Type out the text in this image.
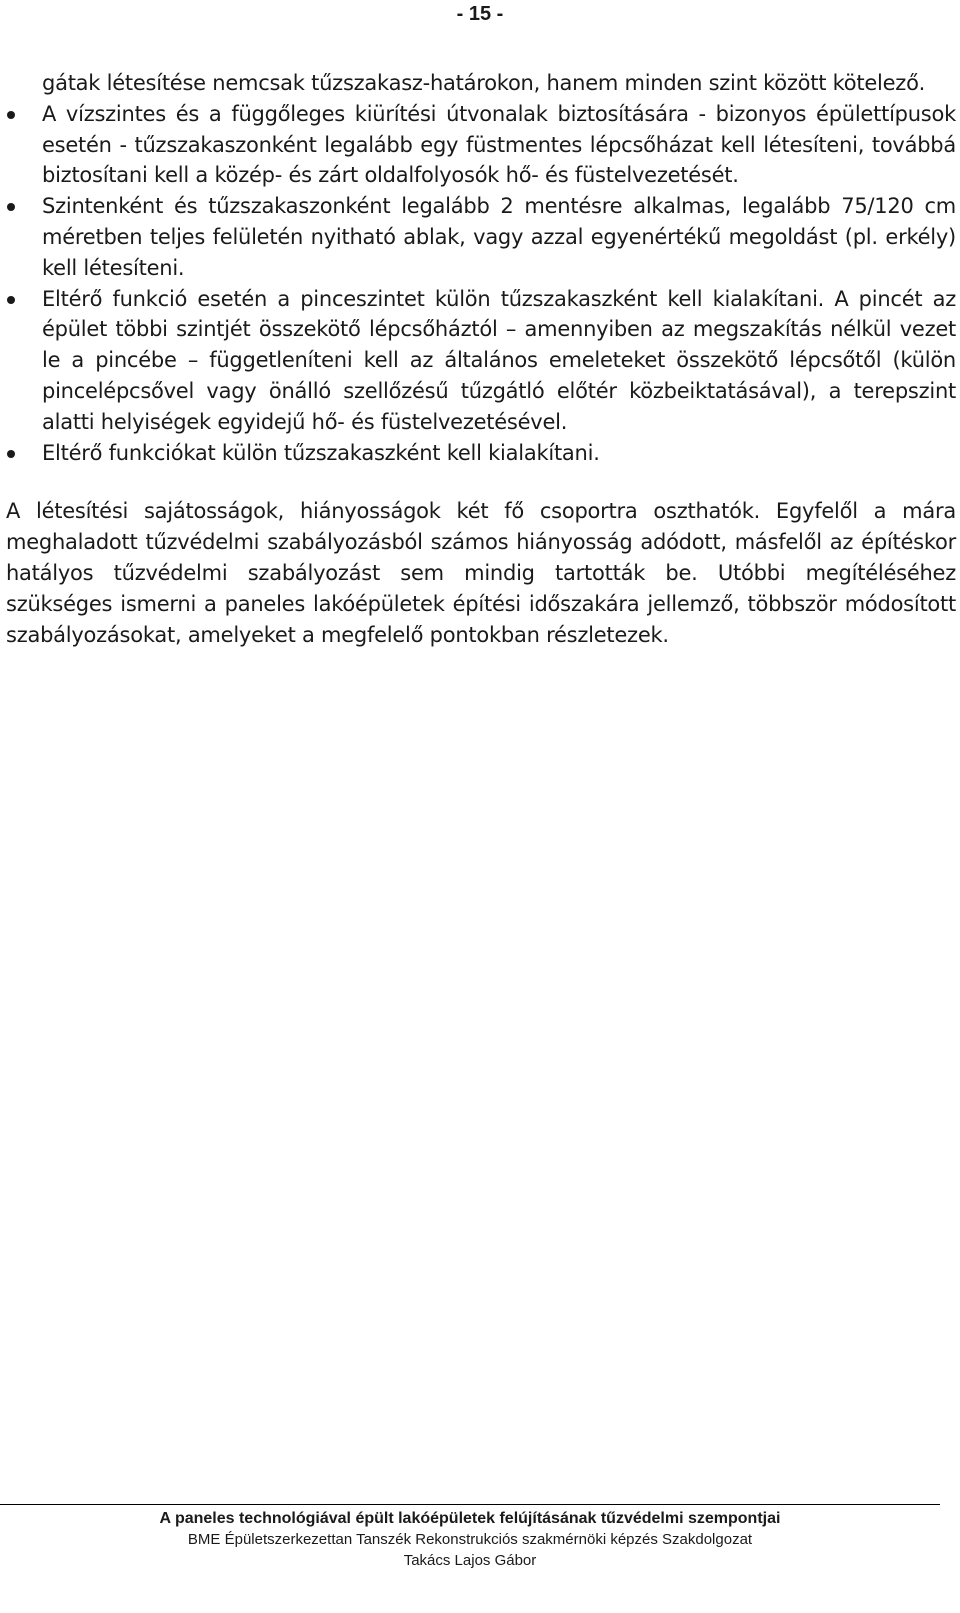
- 15 -

gátak létesítése nemcsak tűzszakasz-határokon, hanem minden szint között kötelező.

A vízszintes és a függőleges kiürítési útvonalak biztosítására - bizonyos épülettípusok esetén - tűzszakaszonként legalább egy füstmentes lépcsőházat kell létesíteni, továbbá biztosítani kell a közép- és zárt oldalfolyosók hő- és füstelvezetését.
Szintenként és tűzszakaszonként legalább 2 mentésre alkalmas, legalább 75/120 cm méretben teljes felületén nyitható ablak, vagy azzal egyenértékű megoldást (pl. erkély) kell létesíteni.
Eltérő funkció esetén a pinceszintet külön tűzszakaszként kell kialakítani. A pincét az épület többi szintjét összekötő lépcsőháztól – amennyiben az megszakítás nélkül vezet le a pincébe – függetleníteni kell az általános emeleteket összekötő lépcsőtől (külön pincelépcsővel vagy önálló szellőzésű tűzgátló előtér közbeiktatásával), a terepszint alatti helyiségek egyidejű hő- és füstelvezetésével.
Eltérő funkciókat külön tűzszakaszként kell kialakítani.

A létesítési sajátosságok, hiányosságok két fő csoportra oszthatók. Egyfelől a mára meghaladott tűzvédelmi szabályozásból számos hiányosság adódott, másfelől az építéskor hatályos tűzvédelmi szabályozást sem mindig tartották be. Utóbbi megítéléséhez szükséges ismerni a paneles lakóépületek építési időszakára jellemző, többször módosított szabályozásokat, amelyeket a megfelelő pontokban részletezek.

A paneles technológiával épült lakóépületek felújításának tűzvédelmi szempontjai
BME Épületszerkezettan Tanszék Rekonstrukciós szakmérnöki képzés Szakdolgozat
Takács Lajos Gábor
